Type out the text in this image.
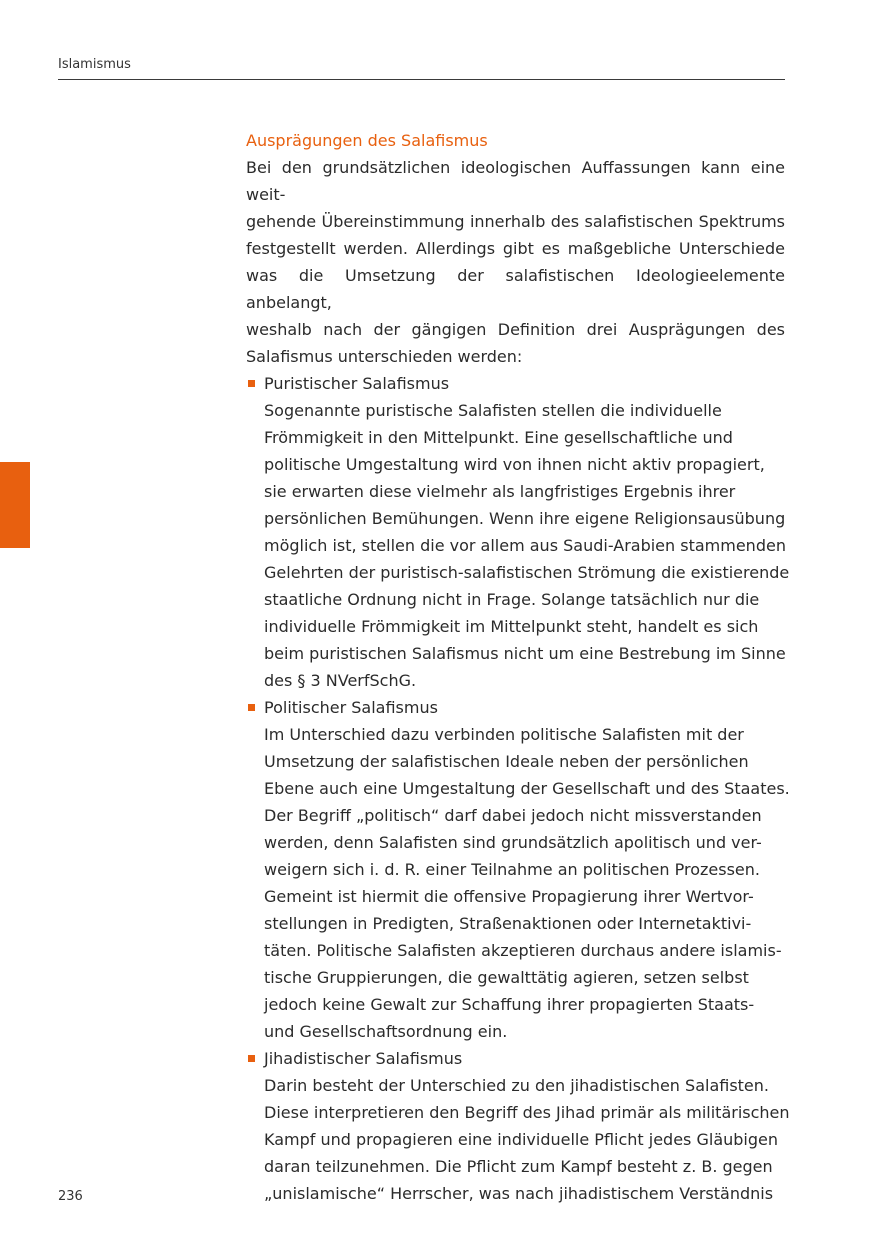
Islamismus
Ausprägungen des Salafismus
Bei den grundsätzlichen ideologischen Auffassungen kann eine weit-
gehende Übereinstimmung innerhalb des salafistischen Spektrums
festgestellt werden. Allerdings gibt es maßgebliche Unterschiede
was die Umsetzung der salafistischen Ideologieelemente anbelangt,
weshalb nach der gängigen Definition drei Ausprägungen des
Salafismus unterschieden werden:
Puristischer Salafismus
Sogenannte puristische Salafisten stellen die individuelle
Frömmigkeit in den Mittelpunkt. Eine gesellschaftliche und
politische Umgestaltung wird von ihnen nicht aktiv propagiert,
sie erwarten diese vielmehr als langfristiges Ergebnis ihrer
persönlichen Bemühungen. Wenn ihre eigene Religionsausübung
möglich ist, stellen die vor allem aus Saudi-Arabien stammenden
Gelehrten der puristisch-salafistischen Strömung die existierende
staatliche Ordnung nicht in Frage. Solange tatsächlich nur die
individuelle Frömmigkeit im Mittelpunkt steht, handelt es sich
beim puristischen Salafismus nicht um eine Bestrebung im Sinne
des § 3 NVerfSchG.
Politischer Salafismus
Im Unterschied dazu verbinden politische Salafisten mit der
Umsetzung der salafistischen Ideale neben der persönlichen
Ebene auch eine Umgestaltung der Gesellschaft und des Staates.
Der Begriff „politisch“ darf dabei jedoch nicht missverstanden
werden, denn Salafisten sind grundsätzlich apolitisch und ver-
weigern sich i. d. R. einer Teilnahme an politischen Prozessen.
Gemeint ist hiermit die offensive Propagierung ihrer Wertvor-
stellungen in Predigten, Straßenaktionen oder Internetaktivi-
täten. Politische Salafisten akzeptieren durchaus andere islamis-
tische Gruppierungen, die gewalttätig agieren, setzen selbst
jedoch keine Gewalt zur Schaffung ihrer propagierten Staats-
und Gesellschaftsordnung ein.
Jihadistischer Salafismus
Darin besteht der Unterschied zu den jihadistischen Salafisten.
Diese interpretieren den Begriff des Jihad primär als militärischen
Kampf und propagieren eine individuelle Pflicht jedes Gläubigen
daran teilzunehmen. Die Pflicht zum Kampf besteht z. B. gegen
„unislamische“ Herrscher, was nach jihadistischem Verständnis
236
